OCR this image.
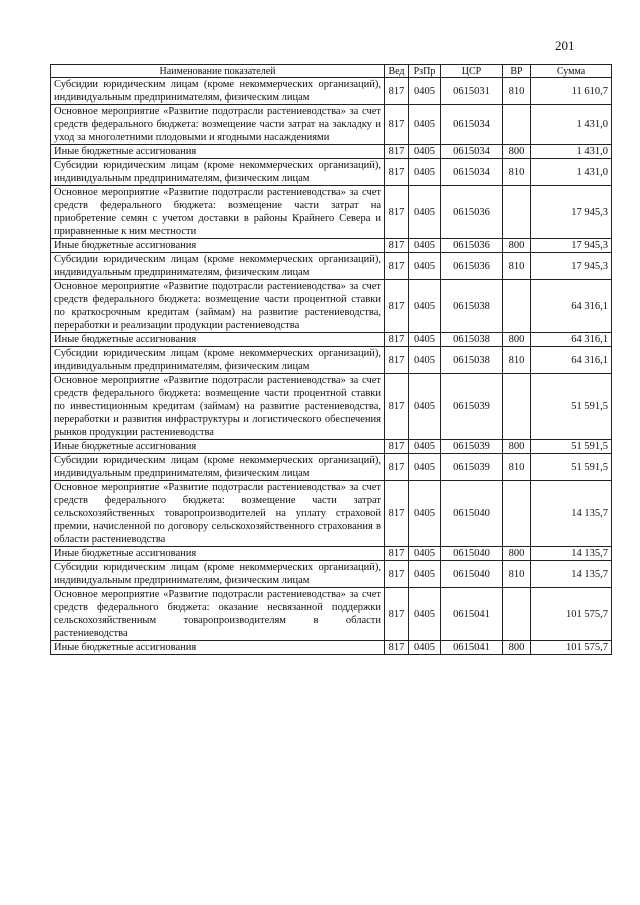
201
Наименование показателей	Вед	РзПр	ЦСР	ВР	Сумма
Субсидии юридическим лицам (кроме некоммерческих организаций), индивидуальным предпринимателям, физическим лицам	817	0405	0615031	810	11 610,7
Основное мероприятие «Развитие подотрасли растениеводства» за счет средств федерального бюджета: возмещение части затрат на закладку и уход за многолетними плодовыми и ягодными насаждениями	817	0405	0615034		1 431,0
Иные бюджетные ассигнования	817	0405	0615034	800	1 431,0
Субсидии юридическим лицам (кроме некоммерческих организаций), индивидуальным предпринимателям, физическим лицам	817	0405	0615034	810	1 431,0
Основное мероприятие «Развитие подотрасли растениеводства» за счет средств федерального бюджета: возмещение части затрат на приобретение семян с учетом доставки в районы Крайнего Севера и приравненные к ним местности	817	0405	0615036		17 945,3
Иные бюджетные ассигнования	817	0405	0615036	800	17 945,3
Субсидии юридическим лицам (кроме некоммерческих организаций), индивидуальным предпринимателям, физическим лицам	817	0405	0615036	810	17 945,3
Основное мероприятие «Развитие подотрасли растениеводства» за счет средств федерального бюджета: возмещение части процентной ставки по краткосрочным кредитам (займам) на развитие растениеводства, переработки и реализации продукции растениеводства	817	0405	0615038		64 316,1
Иные бюджетные ассигнования	817	0405	0615038	800	64 316,1
Субсидии юридическим лицам (кроме некоммерческих организаций), индивидуальным предпринимателям, физическим лицам	817	0405	0615038	810	64 316,1
Основное мероприятие «Развитие подотрасли растениеводства» за счет средств федерального бюджета: возмещение части процентной ставки по инвестиционным кредитам (займам) на развитие растениеводства, переработки и развития инфраструктуры и логистического обеспечения рынков продукции растениеводства	817	0405	0615039		51 591,5
Иные бюджетные ассигнования	817	0405	0615039	800	51 591,5
Субсидии юридическим лицам (кроме некоммерческих организаций), индивидуальным предпринимателям, физическим лицам	817	0405	0615039	810	51 591,5
Основное мероприятие «Развитие подотрасли растениеводства» за счет средств федерального бюджета: возмещение части затрат сельскохозяйственных товаропроизводителей на уплату страховой премии, начисленной по договору сельскохозяйственного страхования в области растениеводства	817	0405	0615040		14 135,7
Иные бюджетные ассигнования	817	0405	0615040	800	14 135,7
Субсидии юридическим лицам (кроме некоммерческих организаций), индивидуальным предпринимателям, физическим лицам	817	0405	0615040	810	14 135,7
Основное мероприятие «Развитие подотрасли растениеводства» за счет средств федерального бюджета: оказание несвязанной поддержки сельскохозяйственным товаропроизводителям в области растениеводства	817	0405	0615041		101 575,7
Иные бюджетные ассигнования	817	0405	0615041	800	101 575,7
